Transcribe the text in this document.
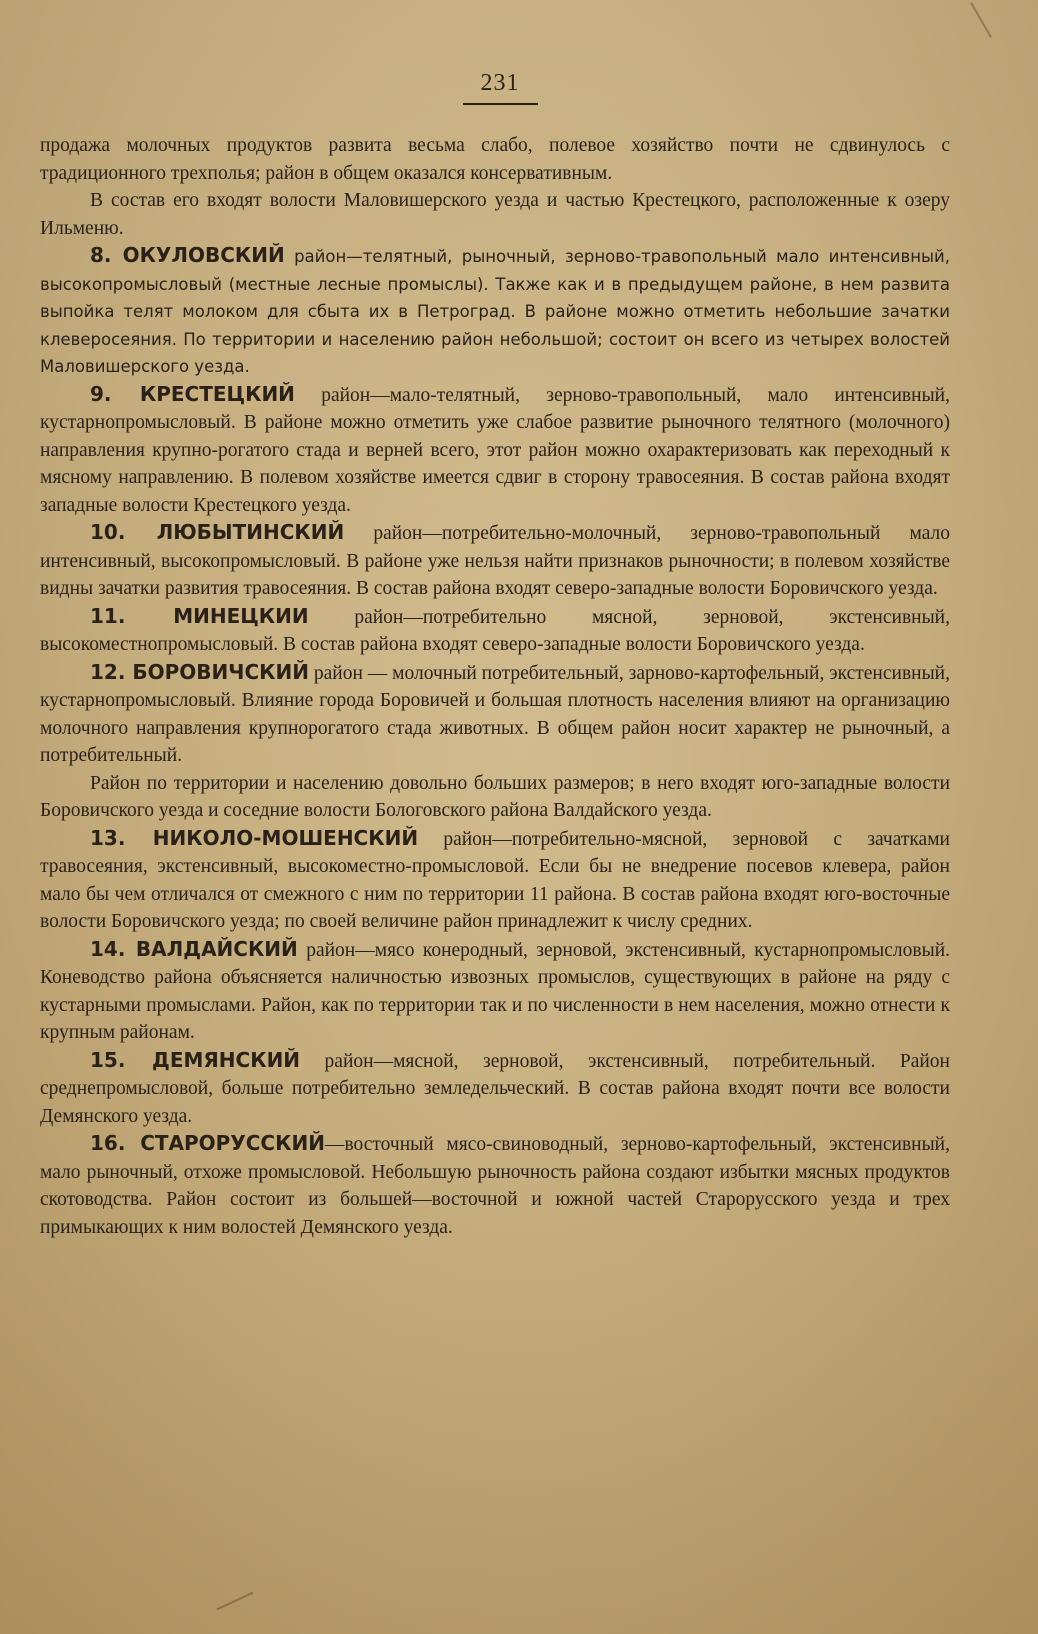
231

продажа молочных продуктов развита весьма слабо, полевое хозяйство почти не сдвинулось с традиционного трехполья; район в общем оказался консервативным.

В состав его входят волости Маловишерского уезда и частью Крестецкого, расположенные к озеру Ильменю.

8. ОКУЛОВСКИЙ район—телятный, рыночный, зерново-травопольный мало интенсивный, высокопромысловый (местные лесные промыслы). Также как и в предыдущем районе, в нем развита выпойка телят молоком для сбыта их в Петроград. В районе можно отметить небольшие зачатки клеверосеяния. По территории и населению район небольшой; состоит он всего из четырех волостей Маловишерского уезда.

9. КРЕСТЕЦКИЙ район—мало-телятный, зерново-травопольный, мало интенсивный, кустарнопромысловый. В районе можно отметить уже слабое развитие рыночного телятного (молочного) направления крупно-рогатого стада и верней всего, этот район можно охарактеризовать как переходный к мясному направлению. В полевом хозяйстве имеется сдвиг в сторону травосеяния. В состав района входят западные волости Крестецкого уезда.

10. ЛЮБЫТИНСКИЙ район—потребительно-молочный, зерново-травопольный мало интенсивный, высокопромысловый. В районе уже нельзя найти признаков рыночности; в полевом хозяйстве видны зачатки развития травосеяния. В состав района входят северо-западные волости Боровичского уезда.

11. МИНЕЦКИИ район—потребительно мясной, зерновой, экстенсивный, высокоместнопромысловый. В состав района входят северо-западные волости Боровичского уезда.

12. БОРОВИЧСКИЙ район — молочный потребительный, зарново-картофельный, экстенсивный, кустарнопромысловый. Влияние города Боровичей и большая плотность населения влияют на организацию молочного направления крупнорогатого стада животных. В общем район носит характер не рыночный, а потребительный.

Район по территории и населению довольно больших размеров; в него входят юго-западные волости Боровичского уезда и соседние волости Бологовского района Валдайского уезда.

13. НИКОЛО-МОШЕНСКИЙ район—потребительно-мясной, зерновой с зачатками травосеяния, экстенсивный, высокоместно-промысловой. Если бы не внедрение посевов клевера, район мало бы чем отличался от смежного с ним по территории 11 района. В состав района входят юго-восточные волости Боровичского уезда; по своей величине район принадлежит к числу средних.

14. ВАЛДАЙСКИЙ район—мясо конеродный, зерновой, экстенсивный, кустарнопромысловый. Коневодство района объясняется наличностью извозных промыслов, существующих в районе на ряду с кустарными промыслами. Район, как по территории так и по численности в нем населения, можно отнести к крупным районам.

15. ДЕМЯНСКИЙ район—мясной, зерновой, экстенсивный, потребительный. Район среднепромысловой, больше потребительно земледельческий. В состав района входят почти все волости Демянского уезда.

16. СТАРОРУССКИЙ—восточный мясо-свиноводный, зерново-картофельный, экстенсивный, мало рыночный, отхоже промысловой. Небольшую рыночность района создают избытки мясных продуктов скотоводства. Район состоит из большей—восточной и южной частей Старорусского уезда и трех примыкающих к ним волостей Демянского уезда.
